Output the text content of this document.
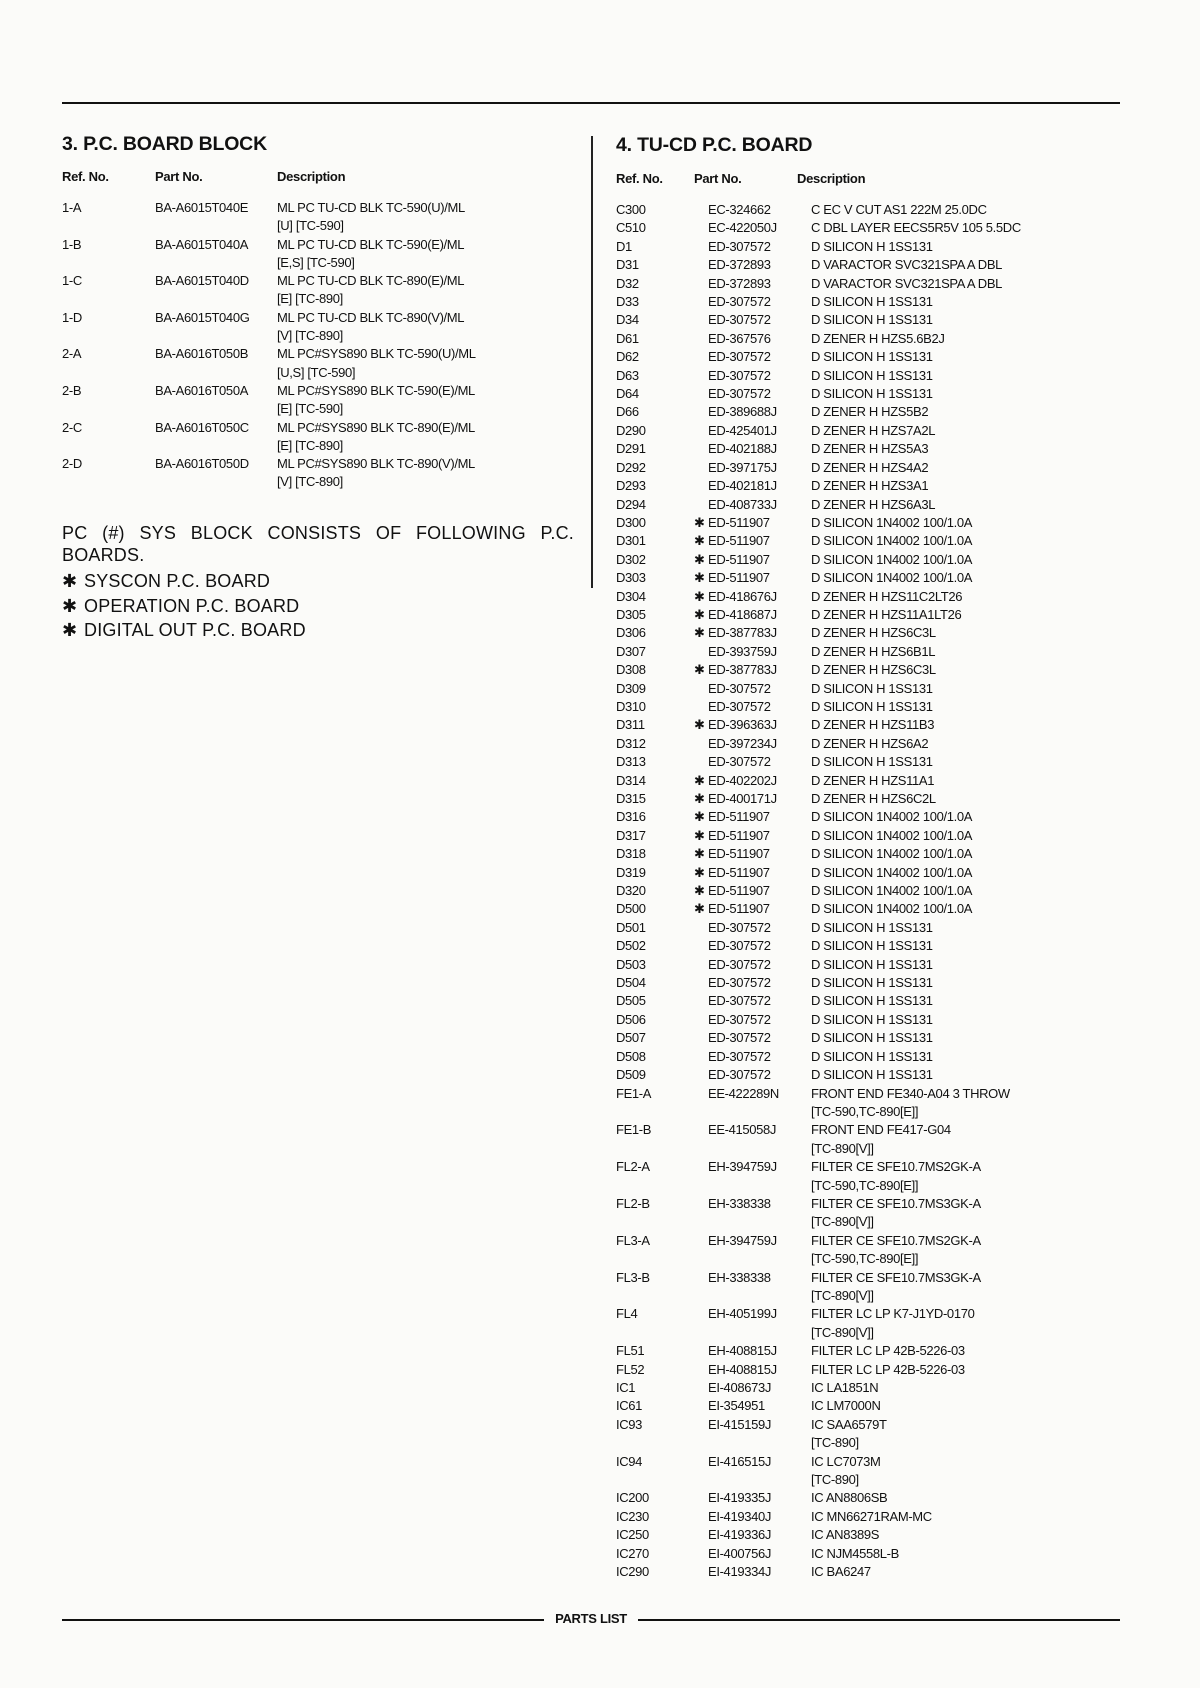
3. P.C. BOARD BLOCK
Ref. No.	Part No.	Description
1-A	BA-A6015T040E	ML PC TU-CD BLK TC-590(U)/ML
[U] [TC-590]
1-B	BA-A6015T040A	ML PC TU-CD BLK TC-590(E)/ML
[E,S] [TC-590]
1-C	BA-A6015T040D	ML PC TU-CD BLK TC-890(E)/ML
[E] [TC-890]
1-D	BA-A6015T040G	ML PC TU-CD BLK TC-890(V)/ML
[V] [TC-890]
2-A	BA-A6016T050B	ML PC#SYS890 BLK TC-590(U)/ML
[U,S] [TC-590]
2-B	BA-A6016T050A	ML PC#SYS890 BLK TC-590(E)/ML
[E] [TC-590]
2-C	BA-A6016T050C	ML PC#SYS890 BLK TC-890(E)/ML
[E] [TC-890]
2-D	BA-A6016T050D	ML PC#SYS890 BLK TC-890(V)/ML
[V] [TC-890]
PC (#) SYS BLOCK CONSISTS OF FOLLOWING P.C. BOARDS.
✱ SYSCON P.C. BOARD
✱ OPERATION P.C. BOARD
✱ DIGITAL OUT P.C. BOARD
4. TU-CD P.C. BOARD
Ref. No.	Part No.	Description
C300	EC-324662	C EC V CUT AS1 222M 25.0DC
C510	EC-422050J	C DBL LAYER EECS5R5V 105 5.5DC
D1	ED-307572	D SILICON H 1SS131
D31	ED-372893	D VARACTOR SVC321SPA A DBL
D32	ED-372893	D VARACTOR SVC321SPA A DBL
D33	ED-307572	D SILICON H 1SS131
D34	ED-307572	D SILICON H 1SS131
D61	ED-367576	D ZENER H HZS5.6B2J
D62	ED-307572	D SILICON H 1SS131
D63	ED-307572	D SILICON H 1SS131
D64	ED-307572	D SILICON H 1SS131
D66	ED-389688J	D ZENER H HZS5B2
D290	ED-425401J	D ZENER H HZS7A2L
D291	ED-402188J	D ZENER H HZS5A3
D292	ED-397175J	D ZENER H HZS4A2
D293	ED-402181J	D ZENER H HZS3A1
D294	ED-408733J	D ZENER H HZS6A3L
D300	✱ ED-511907	D SILICON 1N4002 100/1.0A
D301	✱ ED-511907	D SILICON 1N4002 100/1.0A
D302	✱ ED-511907	D SILICON 1N4002 100/1.0A
D303	✱ ED-511907	D SILICON 1N4002 100/1.0A
D304	✱ ED-418676J	D ZENER H HZS11C2LT26
D305	✱ ED-418687J	D ZENER H HZS11A1LT26
D306	✱ ED-387783J	D ZENER H HZS6C3L
D307	ED-393759J	D ZENER H HZS6B1L
D308	✱ ED-387783J	D ZENER H HZS6C3L
D309	ED-307572	D SILICON H 1SS131
D310	ED-307572	D SILICON H 1SS131
D311	✱ ED-396363J	D ZENER H HZS11B3
D312	ED-397234J	D ZENER H HZS6A2
D313	ED-307572	D SILICON H 1SS131
D314	✱ ED-402202J	D ZENER H HZS11A1
D315	✱ ED-400171J	D ZENER H HZS6C2L
D316	✱ ED-511907	D SILICON 1N4002 100/1.0A
D317	✱ ED-511907	D SILICON 1N4002 100/1.0A
D318	✱ ED-511907	D SILICON 1N4002 100/1.0A
D319	✱ ED-511907	D SILICON 1N4002 100/1.0A
D320	✱ ED-511907	D SILICON 1N4002 100/1.0A
D500	✱ ED-511907	D SILICON 1N4002 100/1.0A
D501	ED-307572	D SILICON H 1SS131
D502	ED-307572	D SILICON H 1SS131
D503	ED-307572	D SILICON H 1SS131
D504	ED-307572	D SILICON H 1SS131
D505	ED-307572	D SILICON H 1SS131
D506	ED-307572	D SILICON H 1SS131
D507	ED-307572	D SILICON H 1SS131
D508	ED-307572	D SILICON H 1SS131
D509	ED-307572	D SILICON H 1SS131
FE1-A	EE-422289N	FRONT END FE340-A04 3 THROW
[TC-590,TC-890[E]]
FE1-B	EE-415058J	FRONT END FE417-G04
[TC-890[V]]
FL2-A	EH-394759J	FILTER CE SFE10.7MS2GK-A
[TC-590,TC-890[E]]
FL2-B	EH-338338	FILTER CE SFE10.7MS3GK-A
[TC-890[V]]
FL3-A	EH-394759J	FILTER CE SFE10.7MS2GK-A
[TC-590,TC-890[E]]
FL3-B	EH-338338	FILTER CE SFE10.7MS3GK-A
[TC-890[V]]
FL4	EH-405199J	FILTER LC LP K7-J1YD-0170
[TC-890[V]]
FL51	EH-408815J	FILTER LC LP 42B-5226-03
FL52	EH-408815J	FILTER LC LP 42B-5226-03
IC1	EI-408673J	IC LA1851N
IC61	EI-354951	IC LM7000N
IC93	EI-415159J	IC SAA6579T
[TC-890]
IC94	EI-416515J	IC LC7073M
[TC-890]
IC200	EI-419335J	IC AN8806SB
IC230	EI-419340J	IC MN66271RAM-MC
IC250	EI-419336J	IC AN8389S
IC270	EI-400756J	IC NJM4558L-B
IC290	EI-419334J	IC BA6247
PARTS LIST
